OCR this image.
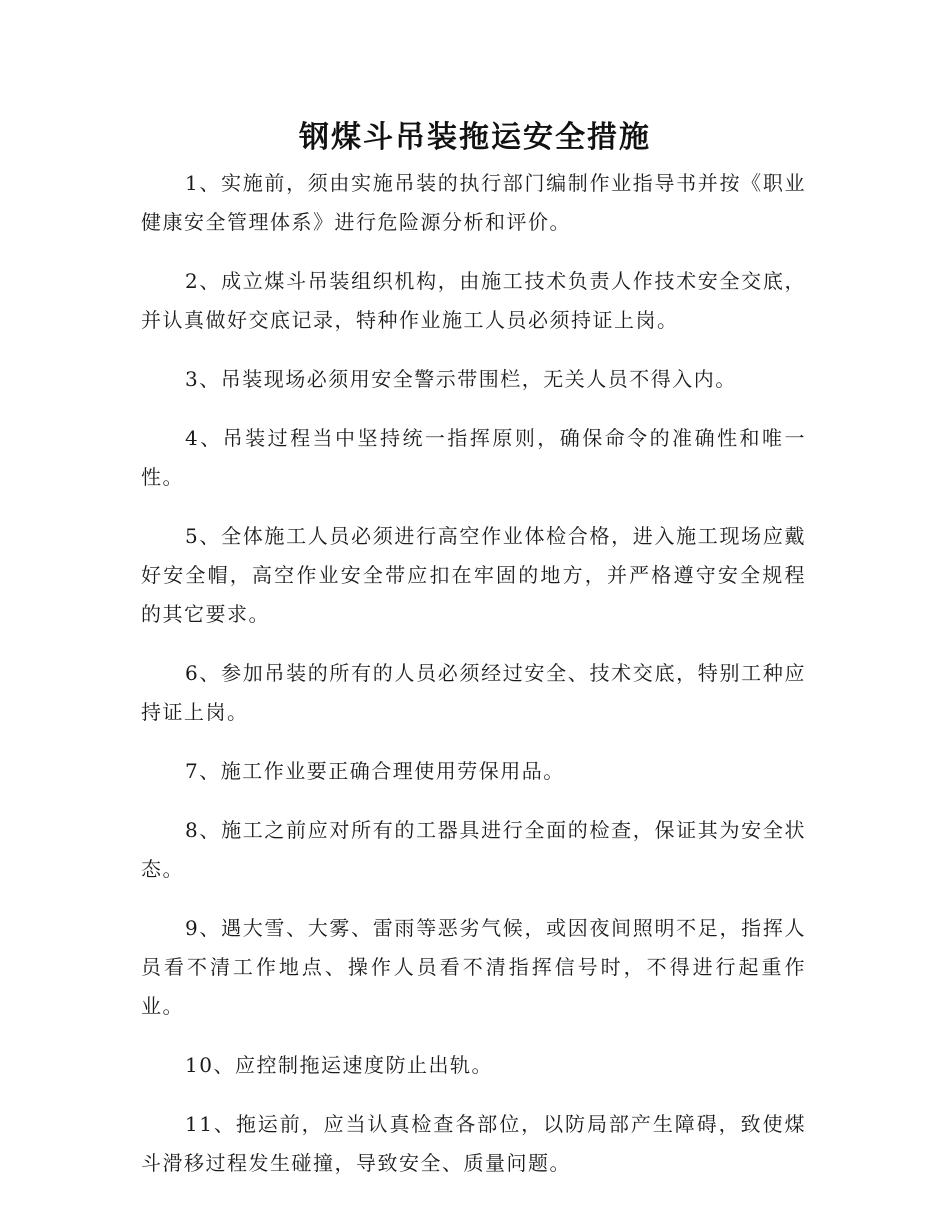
钢煤斗吊装拖运安全措施

1、实施前，须由实施吊装的执行部门编制作业指导书并按《职业健康安全管理体系》进行危险源分析和评价。

2、成立煤斗吊装组织机构，由施工技术负责人作技术安全交底，并认真做好交底记录，特种作业施工人员必须持证上岗。

3、吊装现场必须用安全警示带围栏，无关人员不得入内。

4、吊装过程当中坚持统一指挥原则，确保命令的准确性和唯一性。

5、全体施工人员必须进行高空作业体检合格，进入施工现场应戴好安全帽，高空作业安全带应扣在牢固的地方，并严格遵守安全规程的其它要求。

6、参加吊装的所有的人员必须经过安全、技术交底，特别工种应持证上岗。

7、施工作业要正确合理使用劳保用品。

8、施工之前应对所有的工器具进行全面的检查，保证其为安全状态。

9、遇大雪、大雾、雷雨等恶劣气候，或因夜间照明不足，指挥人员看不清工作地点、操作人员看不清指挥信号时，不得进行起重作业。

10、应控制拖运速度防止出轨。

11、拖运前，应当认真检查各部位，以防局部产生障碍，致使煤斗滑移过程发生碰撞，导致安全、质量问题。
